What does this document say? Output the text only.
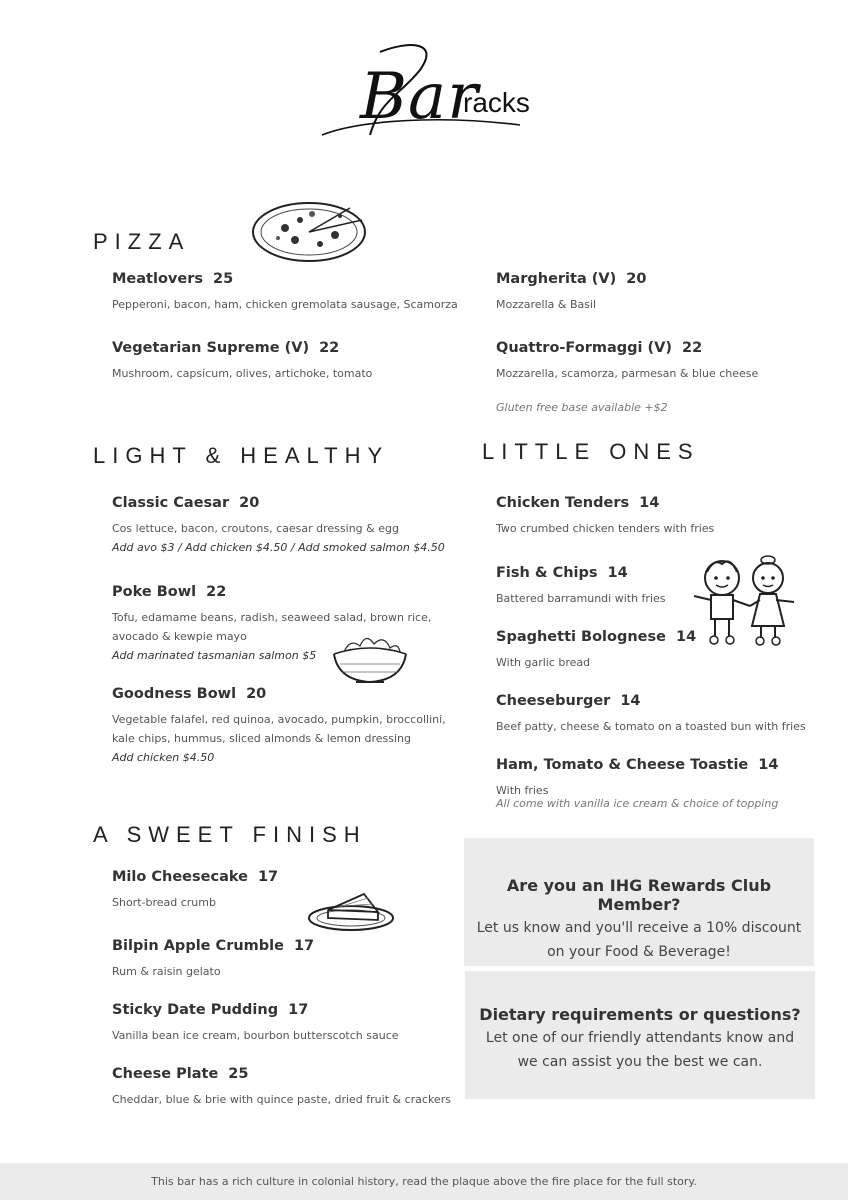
Bar
racks
PIZZA
Meatlovers 25
Pepperoni, bacon, ham, chicken gremolata sausage, Scamorza
Vegetarian Supreme (V) 22
Mushroom, capsicum, olives, artichoke, tomato
Margherita (V) 20
Mozzarella & Basil
Quattro-Formaggi (V) 22
Mozzarella, scamorza, parmesan & blue cheese
Gluten free base available +$2
LIGHT & HEALTHY
Classic Caesar 20
Cos lettuce, bacon, croutons, caesar dressing & egg
Add avo $3 / Add chicken $4.50 / Add smoked salmon $4.50
Poke Bowl 22
Tofu, edamame beans, radish, seaweed salad, brown rice,
avocado & kewpie mayo
Add marinated tasmanian salmon $5
Goodness Bowl 20
Vegetable falafel, red quinoa, avocado, pumpkin, broccollini,
kale chips, hummus, sliced almonds & lemon dressing
Add chicken $4.50
LITTLE ONES
Chicken Tenders 14
Two crumbed chicken tenders with fries
Fish & Chips 14
Battered barramundi with fries
Spaghetti Bolognese 14
With garlic bread
Cheeseburger 14
Beef patty, cheese & tomato on a toasted bun with fries
Ham, Tomato & Cheese Toastie 14
With fries
All come with vanilla ice cream & choice of topping
A SWEET FINISH
Milo Cheesecake 17
Short-bread crumb
Bilpin Apple Crumble 17
Rum & raisin gelato
Sticky Date Pudding 17
Vanilla bean ice cream, bourbon butterscotch sauce
Cheese Plate 25
Cheddar, blue & brie with quince paste, dried fruit & crackers
Are you an IHG Rewards Club Member?
Let us know and you'll receive a 10% discount
on your Food & Beverage!
Dietary requirements or questions?
Let one of our friendly attendants know and
we can assist you the best we can.
This bar has a rich culture in colonial history, read the plaque above the fire place for the full story.
